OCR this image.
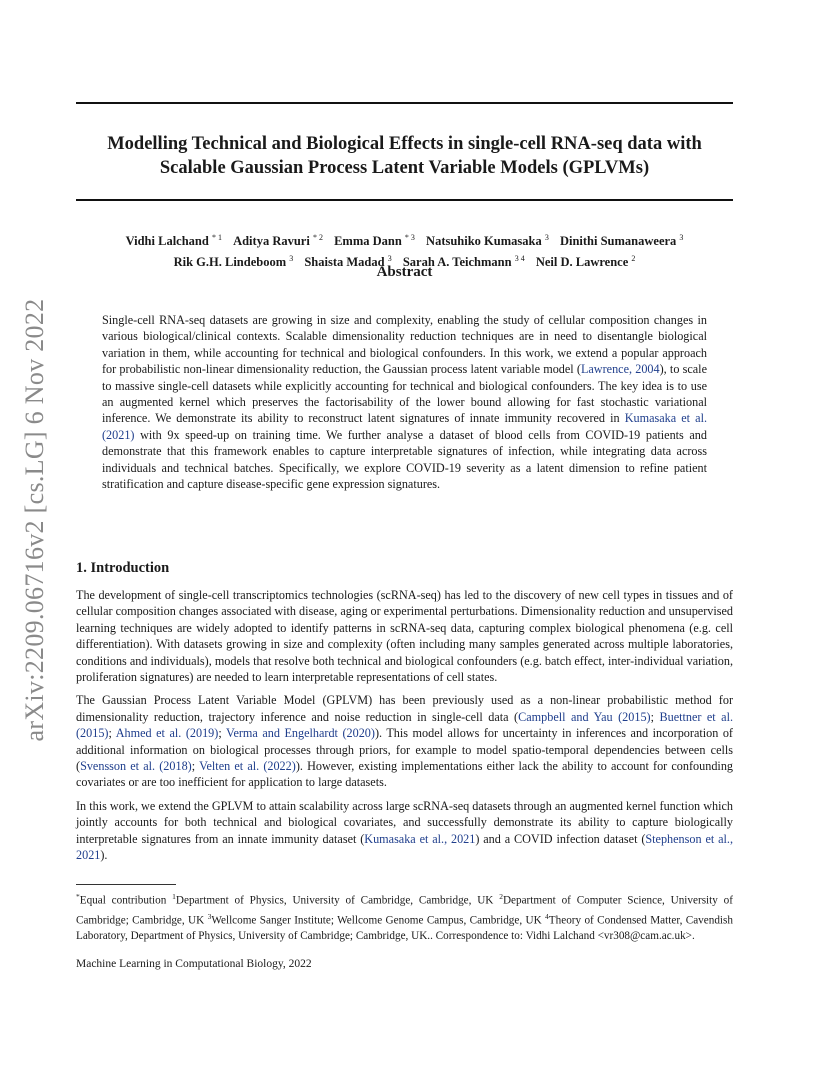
arXiv:2209.06716v2 [cs.LG] 6 Nov 2022
Modelling Technical and Biological Effects in single-cell RNA-seq data with
Scalable Gaussian Process Latent Variable Models (GPLVMs)
Vidhi Lalchand $^{* 1}$ Aditya Ravuri $^{* 2}$ Emma Dann $^{* 3}$ Natsuhiko Kumasaka $^3$ Dinithi Sumanaweera $^3$
Rik G.H. Lindeboom $^3$ Shaista Madad $^3$ Sarah A. Teichmann $^{3 4}$ Neil D. Lawrence $^2$
Abstract

Single-cell RNA-seq datasets are growing in size and complexity, enabling the study of cellular composition changes in various biological/clinical contexts. Scalable dimensionality reduction techniques are in need to disentangle biological variation in them, while accounting for technical and biological confounders. In this work, we extend a popular approach for probabilistic non-linear dimensionality reduction, the Gaussian process latent variable model (Lawrence, 2004), to scale to massive single-cell datasets while explicitly accounting for technical and biological confounders. The key idea is to use an augmented kernel which preserves the factorisability of the lower bound allowing for fast stochastic variational inference. We demonstrate its ability to reconstruct latent signatures of innate immunity recovered in Kumasaka et al. (2021) with 9x speed-up on training time. We further analyse a dataset of blood cells from COVID-19 patients and demonstrate that this framework enables to capture interpretable signatures of infection, while integrating data across individuals and technical batches. Specifically, we explore COVID-19 severity as a latent dimension to refine patient stratification and capture disease-specific gene expression signatures.

1. Introduction

The development of single-cell transcriptomics technologies (scRNA-seq) has led to the discovery of new cell types in tissues and of cellular composition changes associated with disease, aging or experimental perturbations. Dimensionality reduction and unsupervised learning techniques are widely adopted to identify patterns in scRNA-seq data, capturing complex biological phenomena (e.g. cell differentiation). With datasets growing in size and complexity (often including many samples generated across multiple laboratories, conditions and individuals), models that resolve both technical and biological confounders (e.g. batch effect, inter-individual variation, proliferation signatures) are needed to learn interpretable representations of cell states.

The Gaussian Process Latent Variable Model (GPLVM) has been previously used as a non-linear probabilistic method for dimensionality reduction, trajectory inference and noise reduction in single-cell data (Campbell and Yau (2015); Buettner et al. (2015); Ahmed et al. (2019); Verma and Engelhardt (2020)). This model allows for uncertainty in inferences and incorporation of additional information on biological processes through priors, for example to model spatio-temporal dependencies between cells (Svensson et al. (2018); Velten et al. (2022)). However, existing implementations either lack the ability to account for confounding covariates or are too inefficient for application to large datasets.

In this work, we extend the GPLVM to attain scalability across large scRNA-seq datasets through an augmented kernel function which jointly accounts for both technical and biological covariates, and successfully demonstrate its ability to capture biologically interpretable signatures from an innate immunity dataset (Kumasaka et al., 2021) and a COVID infection dataset (Stephenson et al., 2021).

*Equal contribution $^1$Department of Physics, University of Cambridge, Cambridge, UK $^2$Department of Computer Science, University of Cambridge; Cambridge, UK $^3$Wellcome Sanger Institute; Wellcome Genome Campus, Cambridge, UK $^4$Theory of Condensed Matter, Cavendish Laboratory, Department of Physics, University of Cambridge; Cambridge, UK.. Correspondence to: Vidhi Lalchand <vr308@cam.ac.uk>.

Machine Learning in Computational Biology, 2022
